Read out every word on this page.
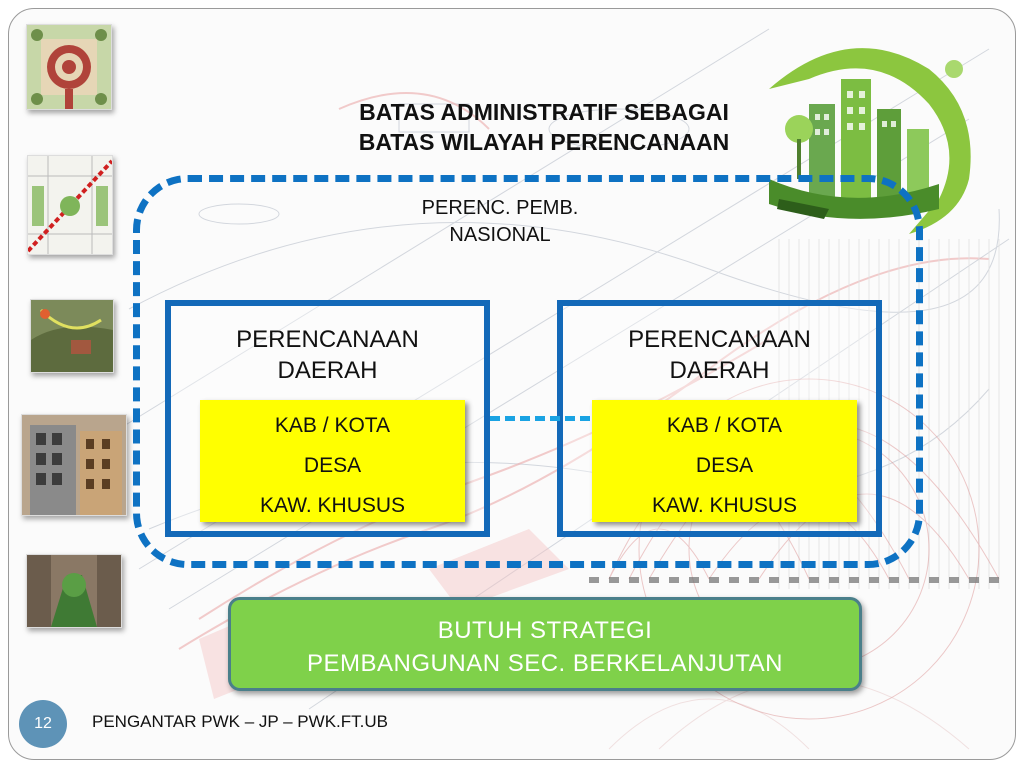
BATAS ADMINISTRATIF SEBAGAI
BATAS WILAYAH PERENCANAAN
PERENC. PEMB.
NASIONAL
PERENCANAAN
DAERAH
PERENCANAAN
DAERAH
KAB / KOTA
DESA
KAW. KHUSUS
KAB / KOTA
DESA
KAW. KHUSUS
BUTUH STRATEGI
PEMBANGUNAN SEC. BERKELANJUTAN
12	PENGANTAR PWK – JP – PWK.FT.UB
